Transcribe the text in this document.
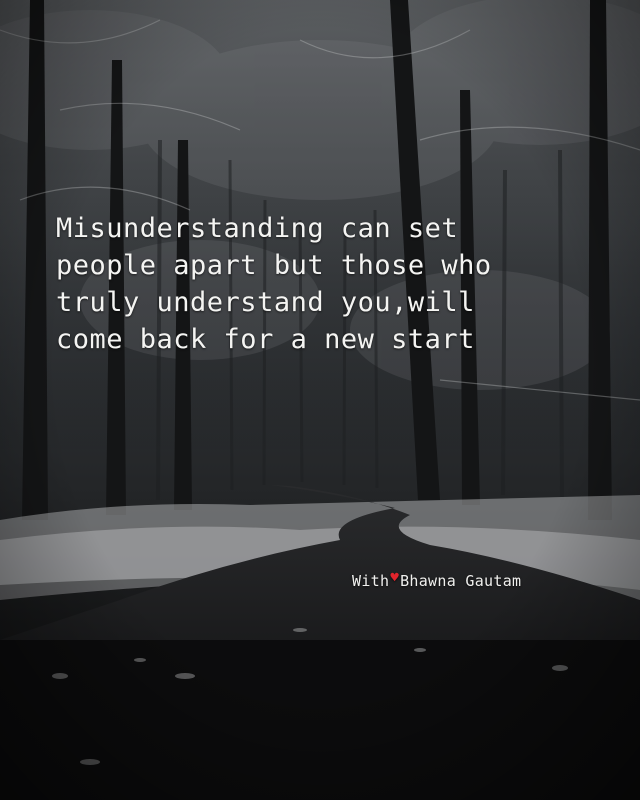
Misunderstanding can set
people apart but those who
truly understand you,will
come back for a new start

With♥Bhawna Gautam
